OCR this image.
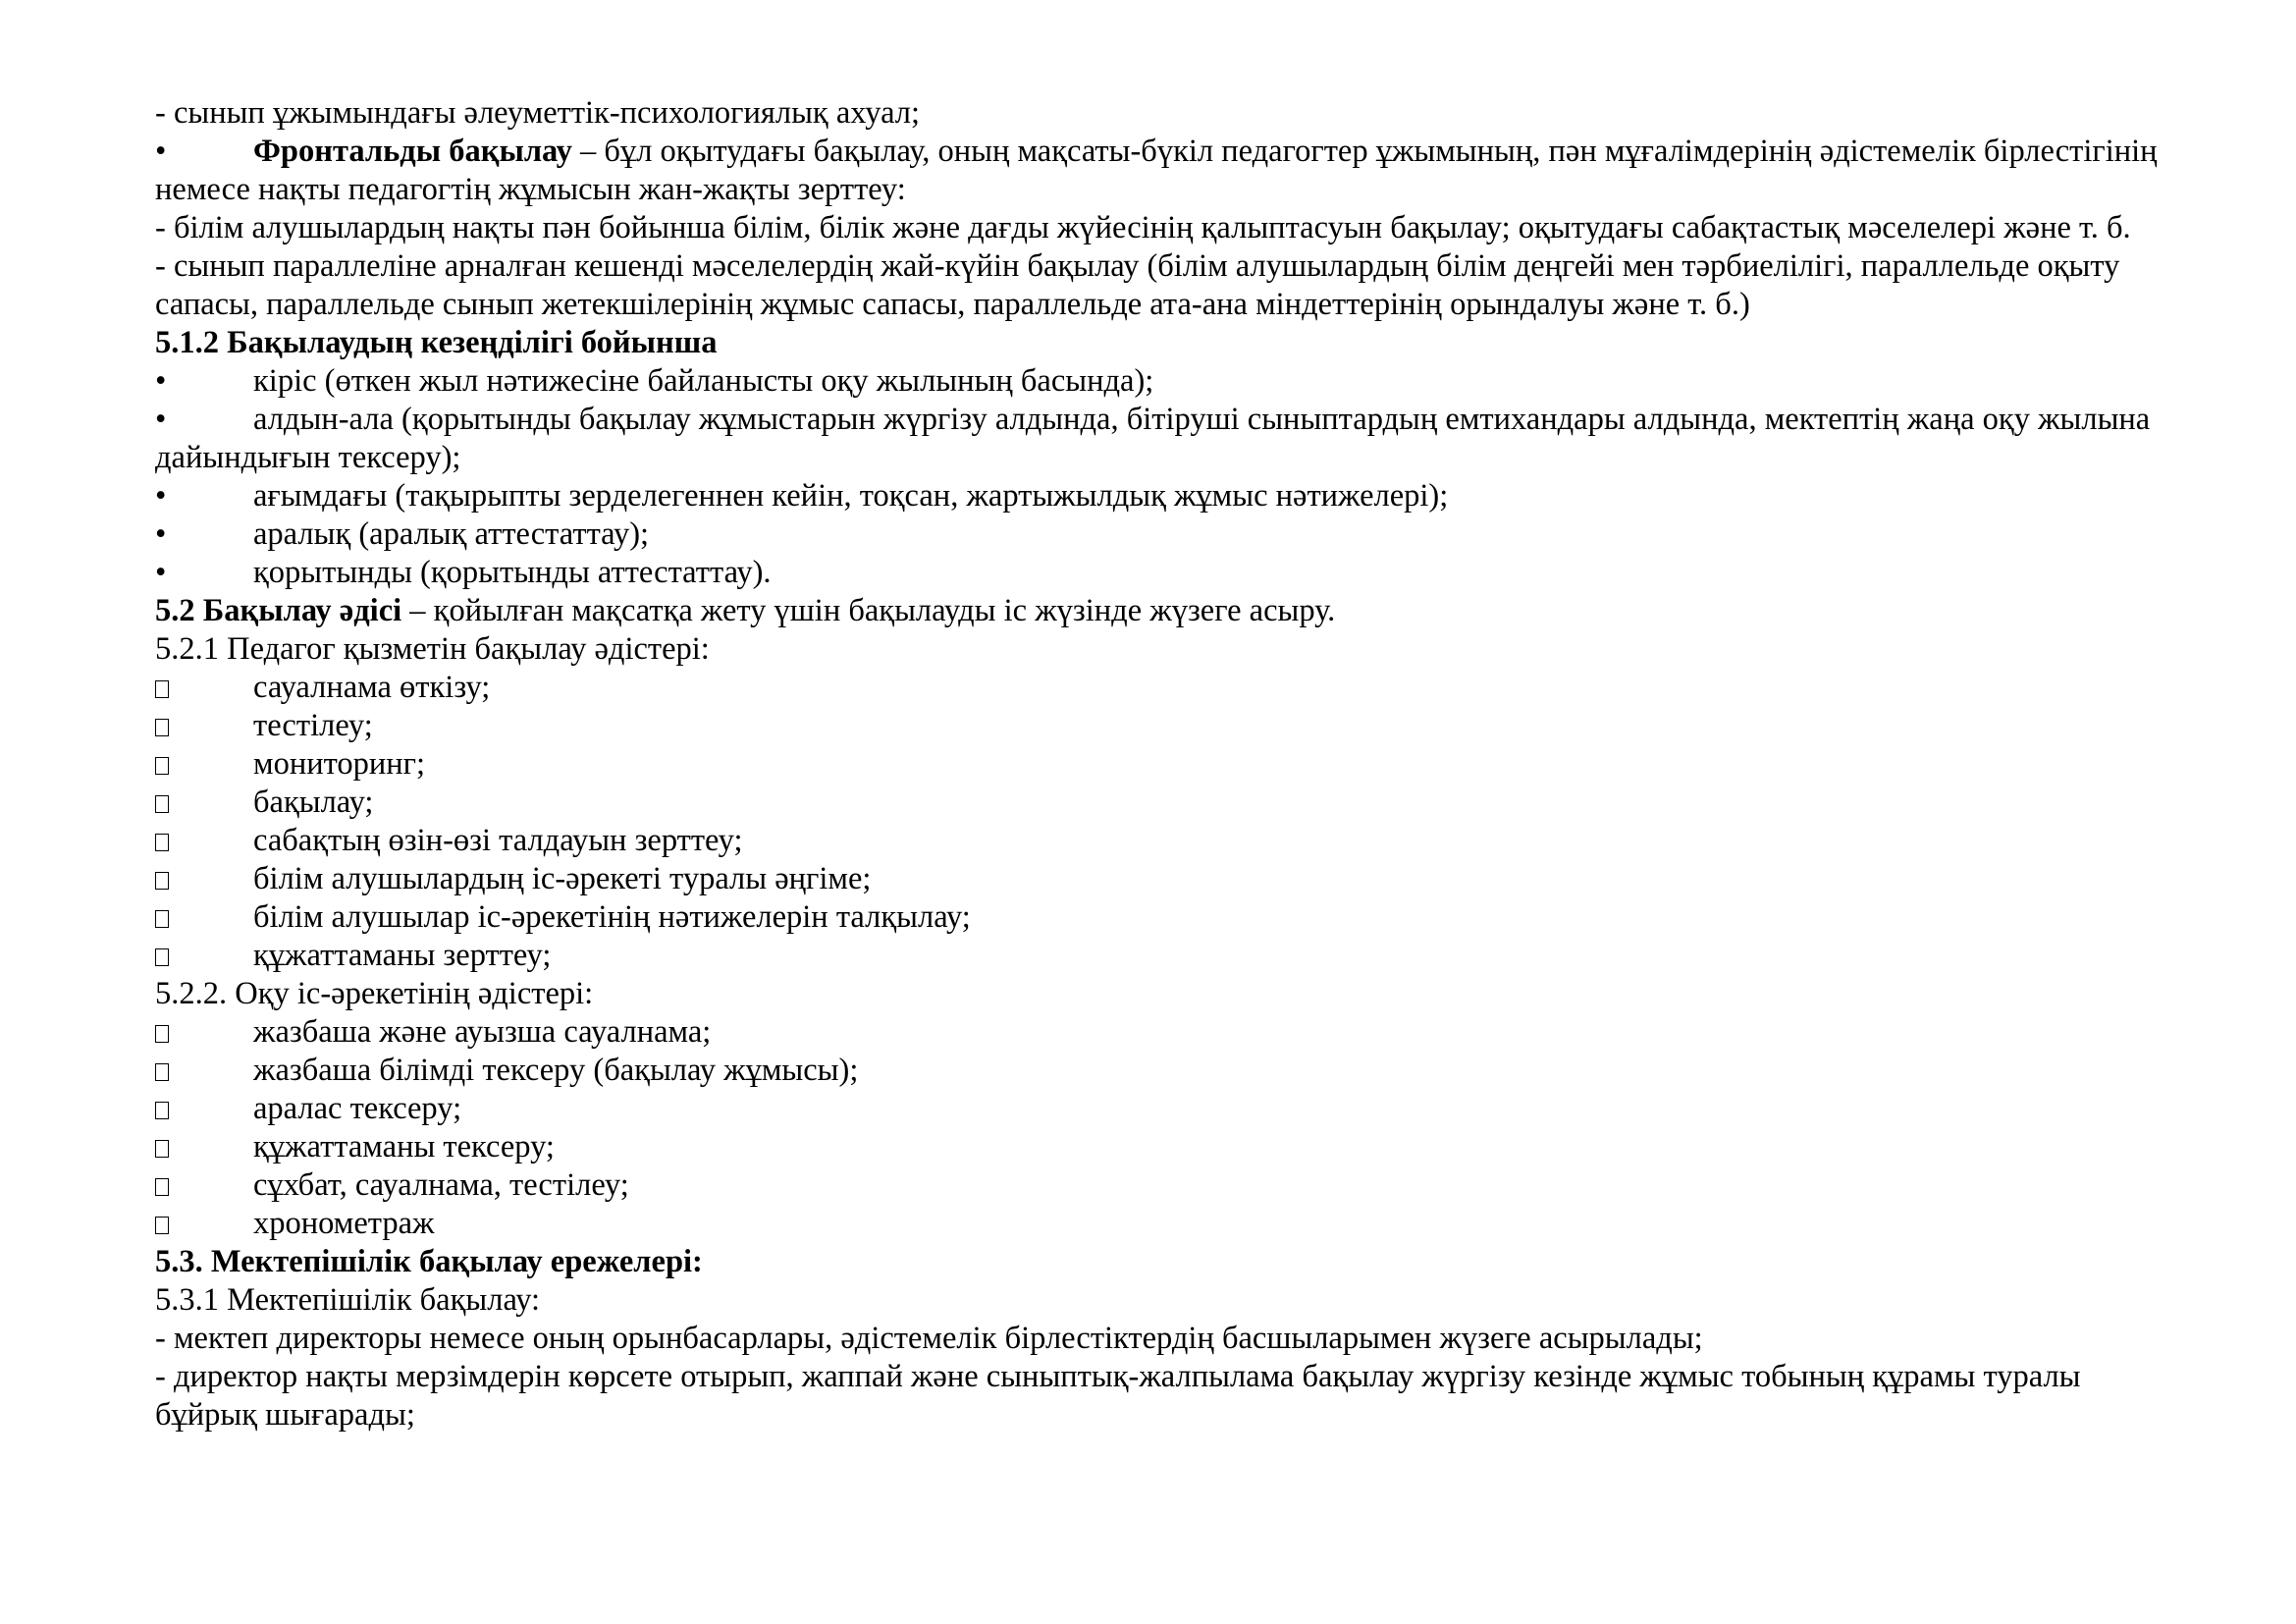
- сынып ұжымындағы әлеуметтік-психологиялық ахуал;

•	Фронтальды бақылау – бұл оқытудағы бақылау, оның мақсаты-бүкіл педагогтер ұжымының, пән мұғалімдерінің әдістемелік бірлестігінің немесе нақты педагогтің жұмысын жан-жақты зерттеу:

- білім алушылардың нақты пән бойынша білім, білік және дағды жүйесінің қалыптасуын бақылау; оқытудағы сабақтастық мәселелері және т. б.

- сынып параллеліне арналған кешенді мәселелердің жай-күйін бақылау (білім алушылардың білім деңгейі мен тәрбиелілігі, параллельде оқыту сапасы, параллельде сынып жетекшілерінің жұмыс сапасы, параллельде ата-ана міндеттерінің орындалуы және т. б.)

5.1.2 Бақылаудың кезеңділігі бойынша

•	кіріс (өткен жыл нәтижесіне байланысты оқу жылының басында);

•	алдын-ала (қорытынды бақылау жұмыстарын жүргізу алдында, бітіруші сыныптардың емтихандары алдында, мектептің жаңа оқу жылына дайындығын тексеру);

•	ағымдағы (тақырыпты зерделегеннен кейін, тоқсан, жартыжылдық жұмыс нәтижелері);

•	аралық (аралық аттестаттау);

•	қорытынды (қорытынды аттестаттау).

5.2 Бақылау әдісі – қойылған мақсатқа жету үшін бақылауды іс жүзінде жүзеге асыру.

5.2.1 Педагог қызметін бақылау әдістері:

сауалнама өткізу;

тестілеу;

мониторинг;

бақылау;

сабақтың өзін-өзі талдауын зерттеу;

білім алушылардың іс-әрекеті туралы әңгіме;

білім алушылар іс-әрекетінің нәтижелерін талқылау;

құжаттаманы зерттеу;

5.2.2. Оқу іс-әрекетінің әдістері:

жазбаша және ауызша сауалнама;

жазбаша білімді тексеру (бақылау жұмысы);

аралас тексеру;

құжаттаманы тексеру;

сұхбат, сауалнама, тестілеу;

хронометраж

5.3. Мектепішілік бақылау ережелері:

5.3.1 Мектепішілік бақылау:

- мектеп директоры немесе оның орынбасарлары, әдістемелік бірлестіктердің басшыларымен жүзеге асырылады;

- директор нақты мерзімдерін көрсете отырып, жаппай және сыныптық-жалпылама бақылау жүргізу кезінде жұмыс тобының құрамы туралы бұйрық шығарады;
